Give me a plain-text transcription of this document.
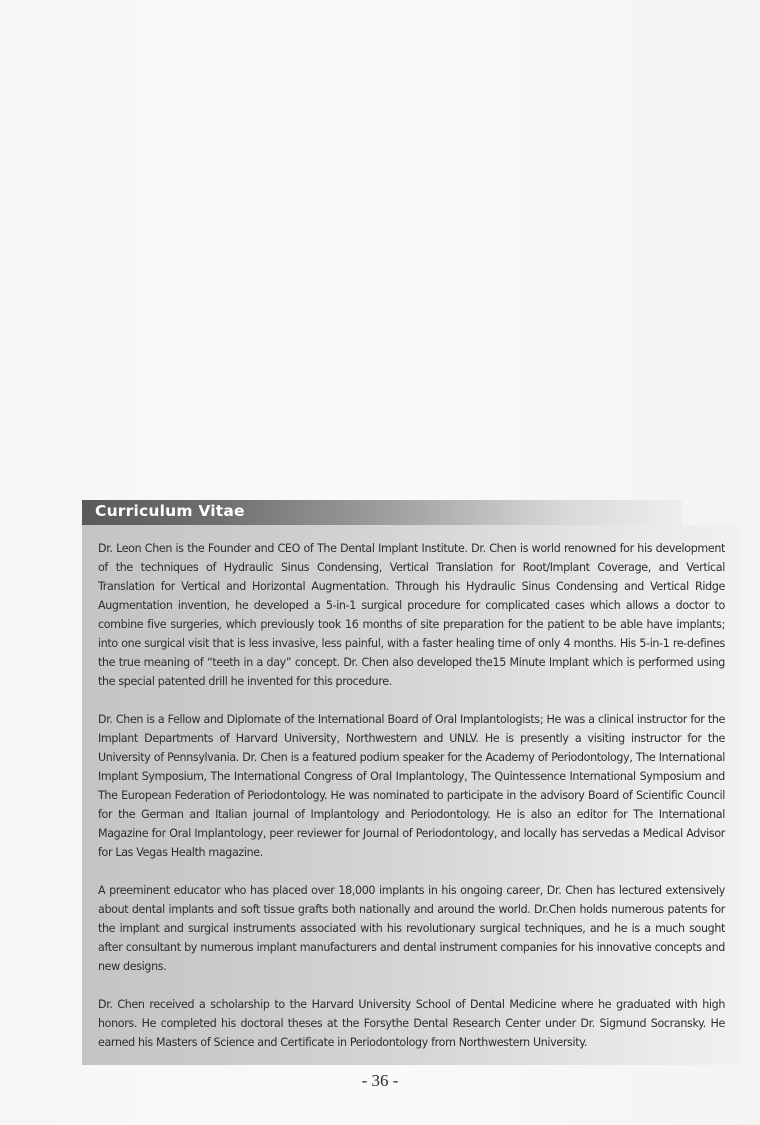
Curriculum Vitae

Dr. Leon Chen is the Founder and CEO of The Dental Implant Institute. Dr. Chen is world renowned for his development of the techniques of Hydraulic Sinus Condensing, Vertical Translation for Root/Implant Coverage, and Vertical Translation for Vertical and Horizontal Augmentation. Through his Hydraulic Sinus Condensing and Vertical Ridge Augmentation invention, he developed a 5-in-1 surgical procedure for complicated cases which allows a doctor to combine five surgeries, which previously took 16 months of site preparation for the patient to be able have implants; into one surgical visit that is less invasive, less painful, with a faster healing time of only 4 months. His 5-in-1 re-defines the true meaning of “teeth in a day” concept. Dr. Chen also developed the15 Minute Implant which is performed using the special patented drill he invented for this procedure.

Dr. Chen is a Fellow and Diplomate of the International Board of Oral Implantologists; He was a clinical instructor for the Implant Departments of Harvard University, Northwestern and UNLV. He is presently a visiting instructor for the University of Pennsylvania. Dr. Chen is a featured podium speaker for the Academy of Periodontology, The International Implant Symposium, The International Congress of Oral Implantology, The Quintessence International Symposium and The European Federation of Periodontology. He was nominated to participate in the advisory Board of Scientific Council for the German and Italian journal of Implantology and Periodontology. He is also an editor for The International Magazine for Oral Implantology, peer reviewer for Journal of Periodontology, and locally has servedas a Medical Advisor for Las Vegas Health magazine.

A preeminent educator who has placed over 18,000 implants in his ongoing career, Dr. Chen has lectured extensively about dental implants and soft tissue grafts both nationally and around the world. Dr.Chen holds numerous patents for the implant and surgical instruments associated with his revolutionary surgical techniques, and he is a much sought after consultant by numerous implant manufacturers and dental instrument companies for his innovative concepts and new designs.

Dr. Chen received a scholarship to the Harvard University School of Dental Medicine where he graduated with high honors. He completed his doctoral theses at the Forsythe Dental Research Center under Dr. Sigmund Socransky. He earned his Masters of Science and Certificate in Periodontology from Northwestern University.

- 36 -
